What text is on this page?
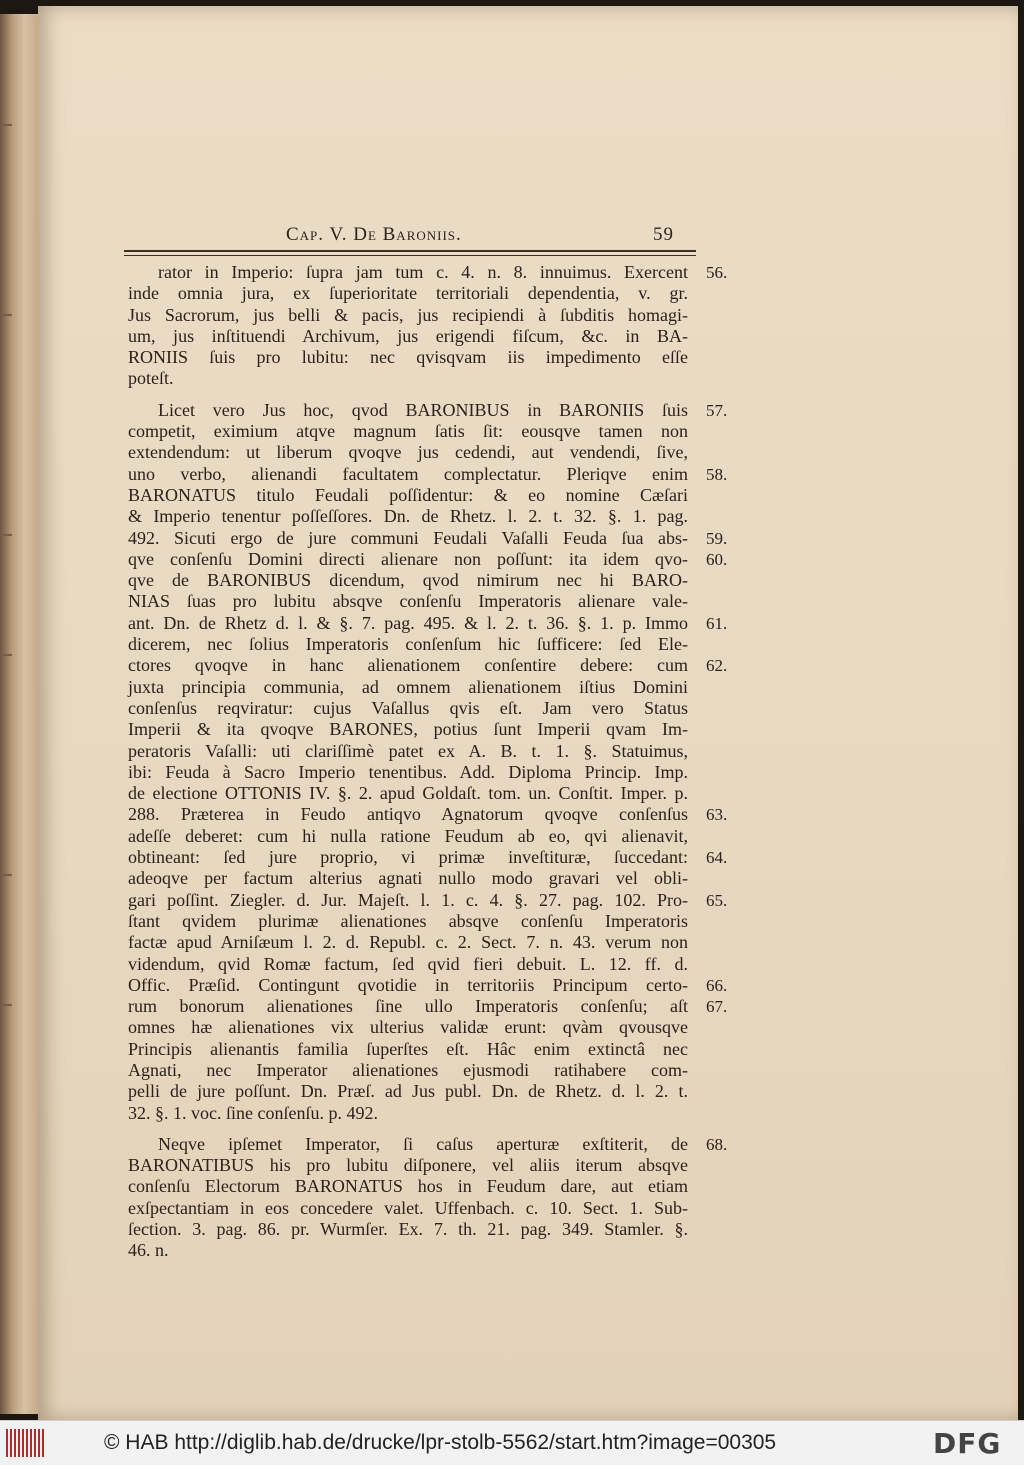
Cap. V. De Baroniis.	59
rator in Imperio: ſupra jam tum c. 4. n. 8. innuimus. Exercent 56.
inde omnia jura, ex ſuperioritate territoriali dependentia, v. gr.
Jus Sacrorum, jus belli & pacis, jus recipiendi à ſubditis homagi-
um, jus inſtituendi Archivum, jus erigendi fiſcum, &c. in BA-
RONIIS ſuis pro lubitu: nec qvisqvam iis impedimento eſſe
poteſt.
Licet vero Jus hoc, qvod BARONIBUS in BARONIIS ſuis 57.
competit, eximium atqve magnum ſatis ſit: eousqve tamen non
extendendum: ut liberum qvoqve jus cedendi, aut vendendi, ſive,
uno verbo, alienandi facultatem complectatur. Pleriqve enim 58.
BARONATUS titulo Feudali poſſidentur: & eo nomine Cæſari
& Imperio tenentur poſſeſſores. Dn. de Rhetz. l. 2. t. 32. §. 1. pag.
492. Sicuti ergo de jure communi Feudali Vaſalli Feuda ſua abs- 59.
qve conſenſu Domini directi alienare non poſſunt: ita idem qvo- 60.
qve de BARONIBUS dicendum, qvod nimirum nec hi BARO-
NIAS ſuas pro lubitu absqve conſenſu Imperatoris alienare vale-
ant. Dn. de Rhetz d. l. & §. 7. pag. 495. & l. 2. t. 36. §. 1. p. Immo 61.
dicerem, nec ſolius Imperatoris conſenſum hic ſufficere: ſed Ele-
ctores qvoqve in hanc alienationem conſentire debere: cum 62.
juxta principia communia, ad omnem alienationem iſtius Domini
conſenſus reqviratur: cujus Vaſallus qvis eſt. Jam vero Status
Imperii & ita qvoqve BARONES, potius ſunt Imperii qvam Im-
peratoris Vaſalli: uti clariſſimè patet ex A. B. t. 1. §. Statuimus,
ibi: Feuda à Sacro Imperio tenentibus. Add. Diploma Princip. Imp.
de electione OTTONIS IV. §. 2. apud Goldaſt. tom. un. Conſtit. Imper. p.
288. Præterea in Feudo antiqvo Agnatorum qvoqve conſenſus 63.
adeſſe deberet: cum hi nulla ratione Feudum ab eo, qvi alienavit,
obtineant: ſed jure proprio, vi primæ inveſtituræ, ſuccedant: 64.
adeoqve per factum alterius agnati nullo modo gravari vel obli-
gari poſſint. Ziegler. d. Jur. Majeſt. l. 1. c. 4. §. 27. pag. 102. Pro- 65.
ſtant qvidem plurimæ alienationes absqve conſenſu Imperatoris
factæ apud Arniſæum l. 2. d. Republ. c. 2. Sect. 7. n. 43. verum non
videndum, qvid Romæ factum, ſed qvid fieri debuit. L. 12. ff. d.
Offic. Præſid. Contingunt qvotidie in territoriis Principum certo- 66.
rum bonorum alienationes ſine ullo Imperatoris conſenſu; aſt 67.
omnes hæ alienationes vix ulterius validæ erunt: qvàm qvousqve
Principis alienantis familia ſuperſtes eſt. Hâc enim extinctâ nec
Agnati, nec Imperator alienationes ejusmodi ratihabere com-
pelli de jure poſſunt. Dn. Præſ. ad Jus publ. Dn. de Rhetz. d. l. 2. t.
32. §. 1. voc. ſine conſenſu. p. 492.
Neqve ipſemet Imperator, ſi caſus aperturæ exſtiterit, de 68.
BARONATIBUS his pro lubitu diſponere, vel aliis iterum absqve
conſenſu Electorum BARONATUS hos in Feudum dare, aut etiam
exſpectantiam in eos concedere valet. Uffenbach. c. 10. Sect. 1. Sub-
ſection. 3. pag. 86. pr. Wurmſer. Ex. 7. th. 21. pag. 349. Stamler. §.
46. n.
© HAB http://diglib.hab.de/drucke/lpr-stolb-5562/start.htm?image=00305	DFG
